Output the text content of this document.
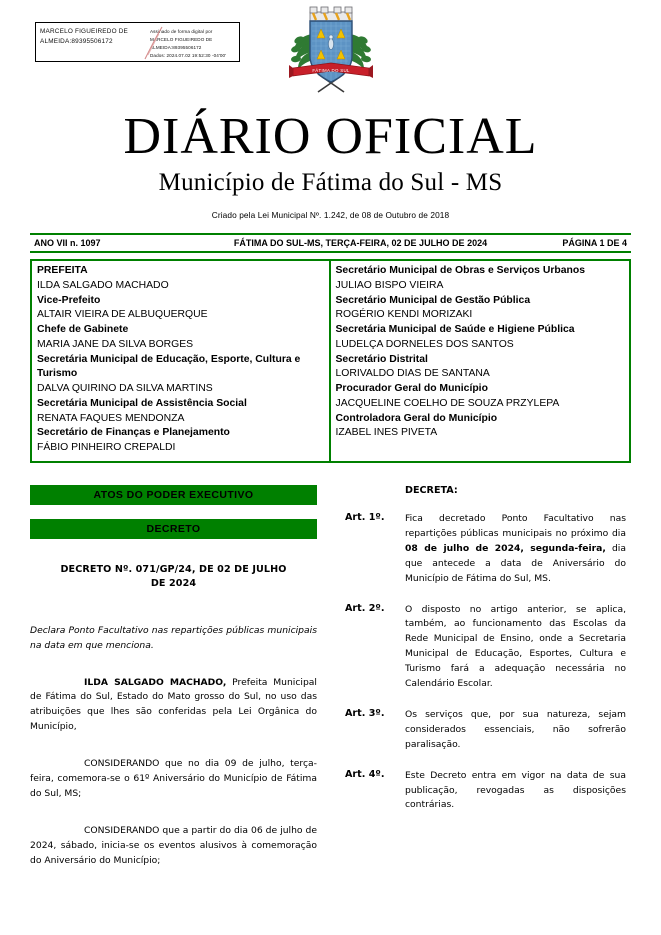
MARCELO FIGUEIREDO DE
ALMEIDA:89395506172
Assinado de forma digital por
MARCELO FIGUEIREDO DE
ALMEIDA:89395506172
Dados: 2024.07.02 19:52:30 -04'00'
FÁTIMA DO SUL
DIÁRIO OFICIAL
Município de Fátima do Sul - MS
Criado pela Lei Municipal Nº. 1.242, de 08 de Outubro de 2018
ANO VII n. 1097	FÁTIMA DO SUL-MS, TERÇA-FEIRA, 02 DE JULHO DE 2024	PÁGINA 1 DE 4
PREFEITA
ILDA SALGADO MACHADO
Vice-Prefeito
ALTAIR VIEIRA DE ALBUQUERQUE
Chefe de Gabinete
MARIA JANE DA SILVA BORGES
Secretária Municipal de Educação, Esporte, Cultura e Turismo
DALVA QUIRINO DA SILVA MARTINS
Secretária Municipal de Assistência Social
RENATA FAQUES MENDONZA
Secretário de Finanças e Planejamento
FÁBIO PINHEIRO CREPALDI
Secretário Municipal de Obras e Serviços Urbanos
JULIAO BISPO VIEIRA
Secretário Municipal de Gestão Pública
ROGÉRIO KENDI MORIZAKI
Secretária Municipal de Saúde e Higiene Pública
LUDELÇA DORNELES DOS SANTOS
Secretário Distrital
LORIVALDO DIAS DE SANTANA
Procurador Geral do Município
JACQUELINE COELHO DE SOUZA PRZYLEPA
Controladora Geral do Município
IZABEL INES PIVETA
ATOS DO PODER EXECUTIVO
DECRETO
DECRETO Nº. 071/GP/24, DE 02 DE JULHO DE 2024
Declara Ponto Facultativo nas repartições públicas municipais na data em que menciona.
ILDA SALGADO MACHADO, Prefeita Municipal de Fátima do Sul, Estado do Mato grosso do Sul, no uso das atribuições que lhes são conferidas pela Lei Orgânica do Município,
CONSIDERANDO que no dia 09 de julho, terça-feira, comemora-se o 61º Aniversário do Município de Fátima do Sul, MS;
CONSIDERANDO que a partir do dia 06 de julho de 2024, sábado, inicia-se os eventos alusivos à comemoração do Aniversário do Município;
DECRETA:
Art. 1º.	Fica decretado Ponto Facultativo nas repartições públicas municipais no próximo dia 08 de julho de 2024, segunda-feira, dia que antecede a data de Aniversário do Município de Fátima do Sul, MS.
Art. 2º.	O disposto no artigo anterior, se aplica, também, ao funcionamento das Escolas da Rede Municipal de Ensino, onde a Secretaria Municipal de Educação, Esportes, Cultura e Turismo fará a adequação necessária no Calendário Escolar.
Art. 3º.	Os serviços que, por sua natureza, sejam considerados essenciais, não sofrerão paralisação.
Art. 4º.	Este Decreto entra em vigor na data de sua publicação, revogadas as disposições contrárias.
